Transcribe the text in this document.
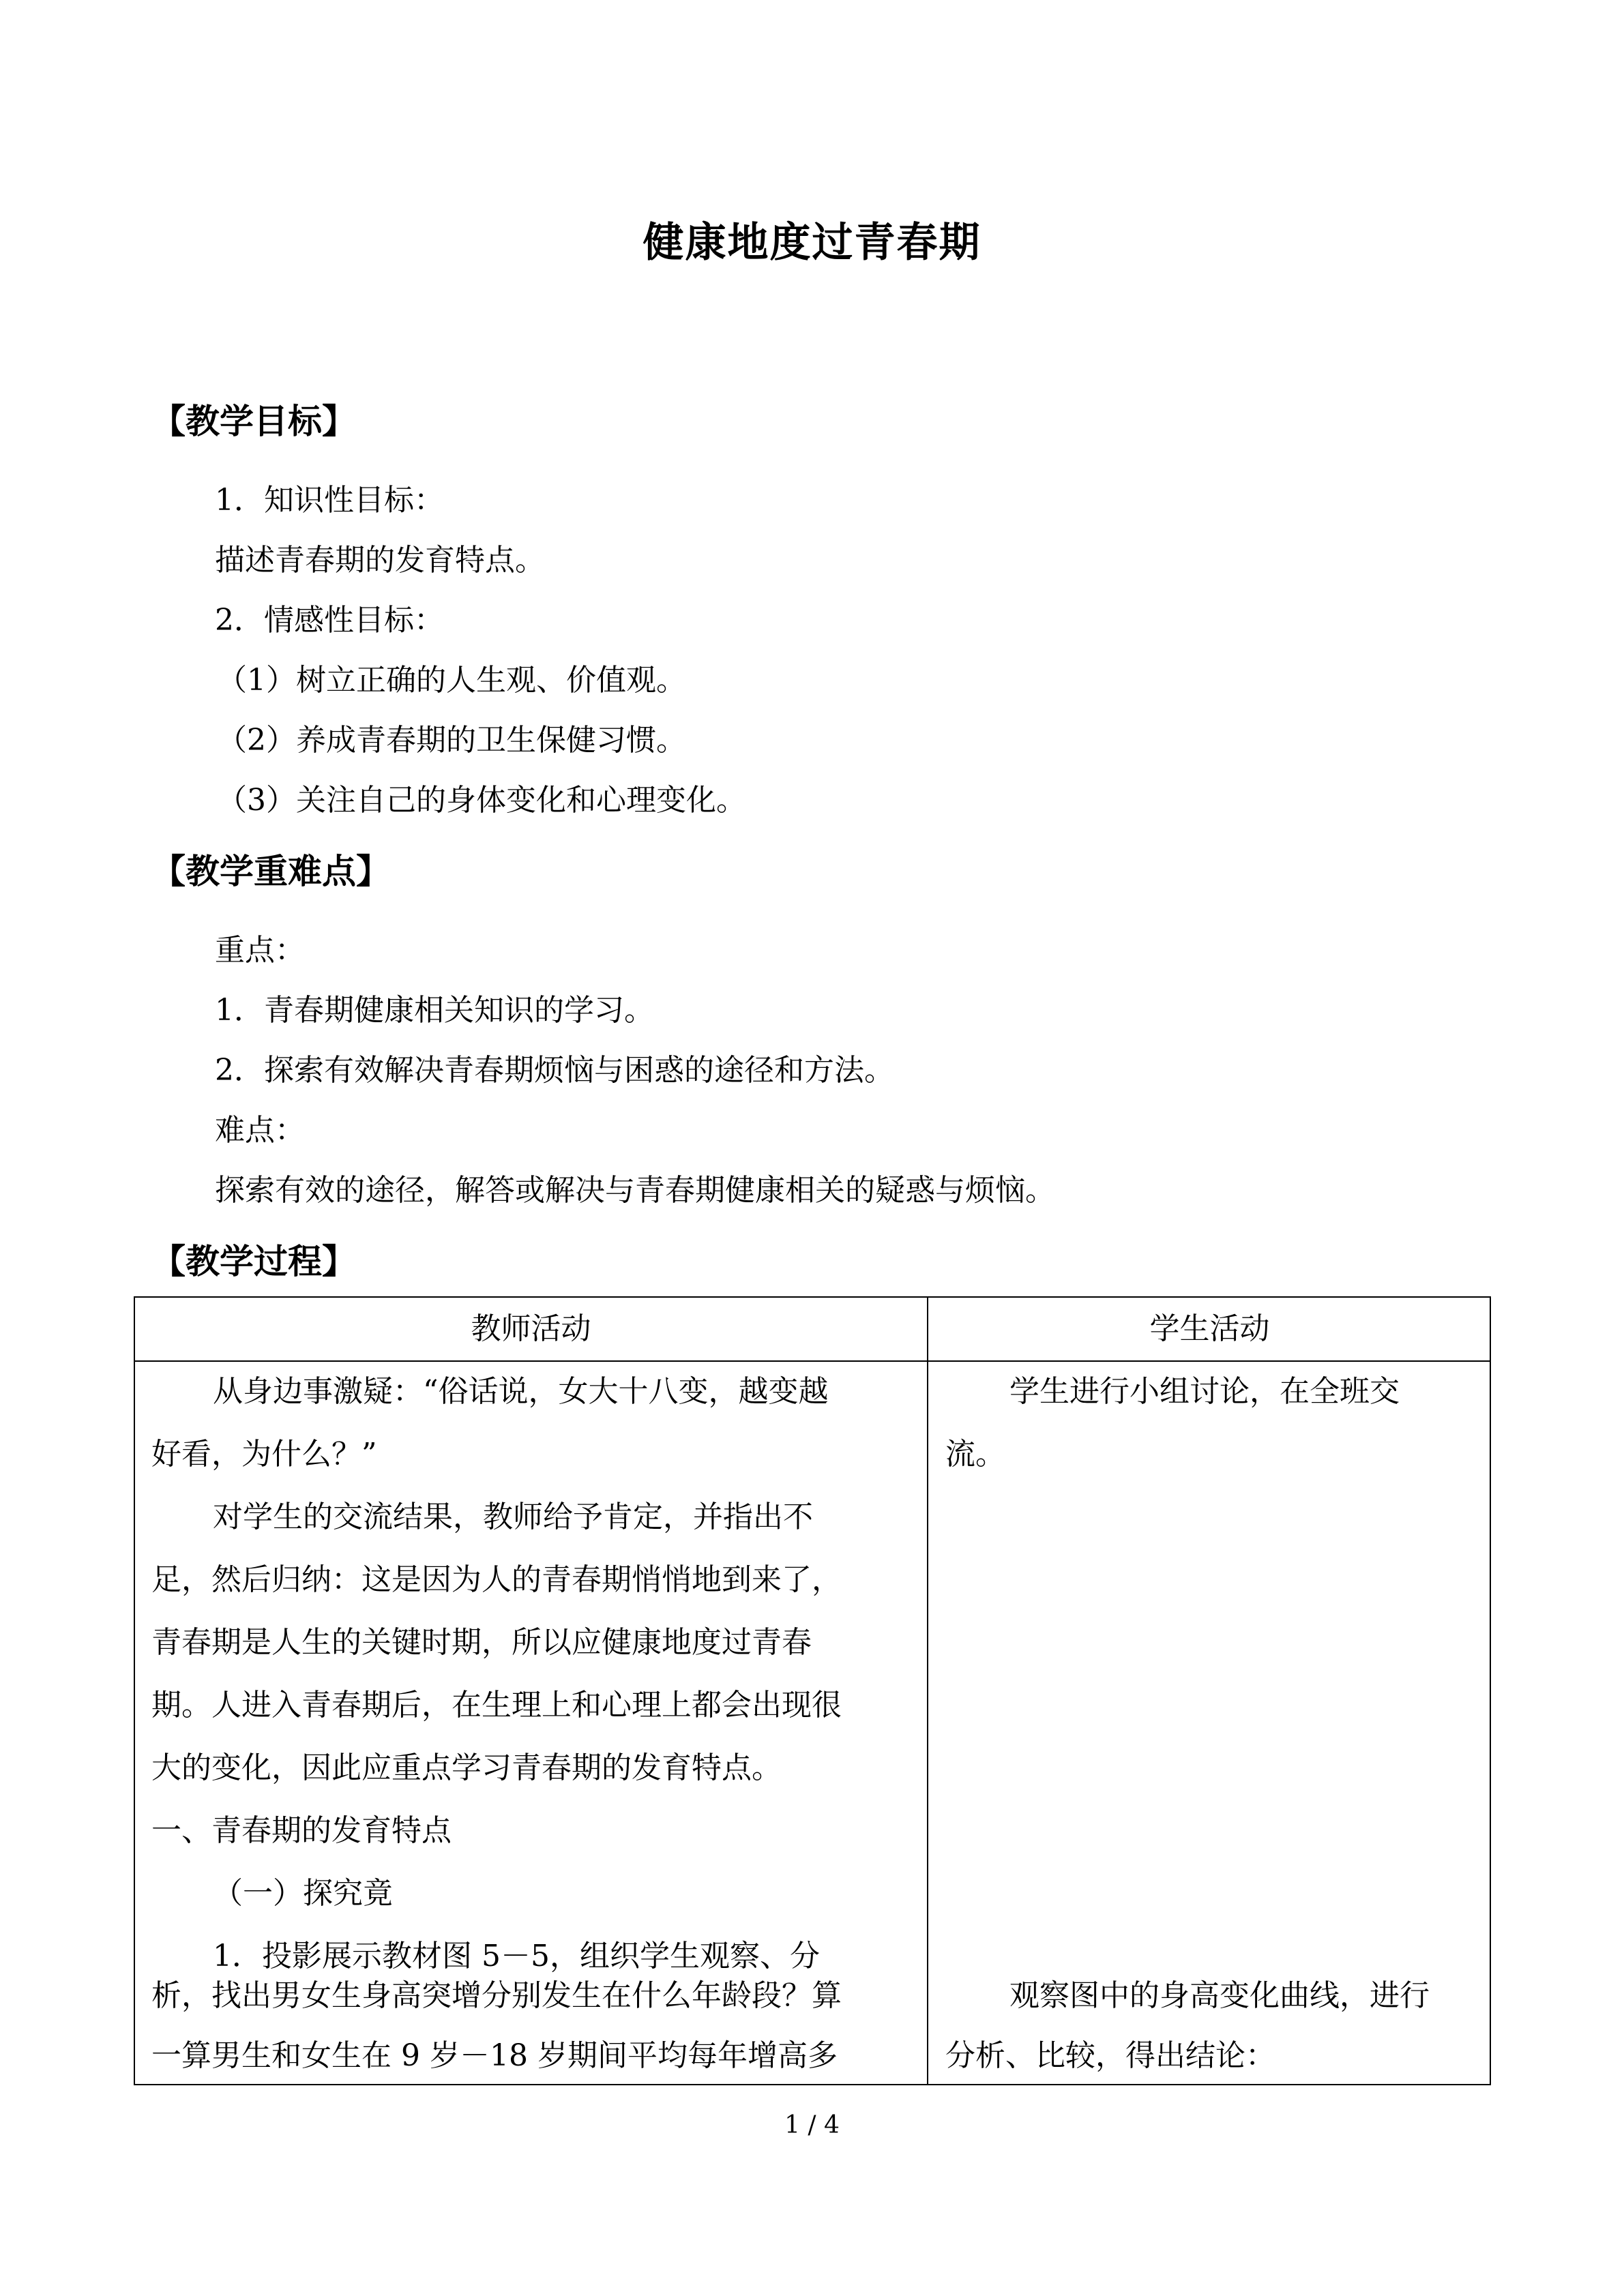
健康地度过青春期
【教学目标】
1．知识性目标：
描述青春期的发育特点。
2．情感性目标：
（1）树立正确的人生观、价值观。
（2）养成青春期的卫生保健习惯。
（3）关注自己的身体变化和心理变化。
【教学重难点】
重点：
1．青春期健康相关知识的学习。
2．探索有效解决青春期烦恼与困惑的途径和方法。
难点：
探索有效的途径，解答或解决与青春期健康相关的疑惑与烦恼。
【教学过程】
教师活动	学生活动
从身边事激疑：“俗话说，女大十八变，越变越
好看，为什么？”
对学生的交流结果，教师给予肯定，并指出不
足，然后归纳：这是因为人的青春期悄悄地到来了，
青春期是人生的关键时期，所以应健康地度过青春
期。人进入青春期后，在生理上和心理上都会出现很
大的变化，因此应重点学习青春期的发育特点。
一、青春期的发育特点
（一）探究竟
1．投影展示教材图 5－5，组织学生观察、分
析，找出男女生身高突增分别发生在什么年龄段？算
一算男生和女生在 9 岁－18 岁期间平均每年增高多
学生进行小组讨论，在全班交
流。
观察图中的身高变化曲线，进行
分析、比较，得出结论：
1 / 4
